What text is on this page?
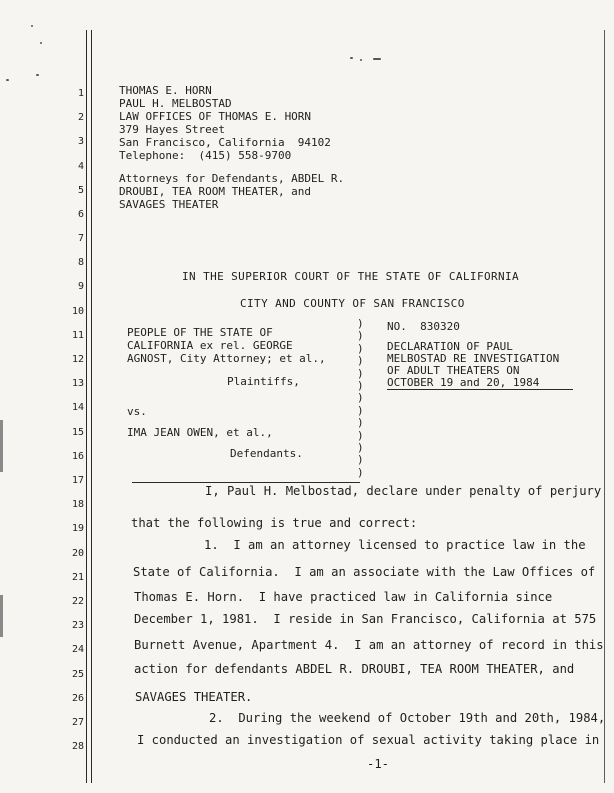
1
2
3
4
5
6
7
8
9
10
11
12
13
14
15
16
17
18
19
20
21
22
23
24
25
26
27
28
THOMAS E. HORN
PAUL H. MELBOSTAD
LAW OFFICES OF THOMAS E. HORN
379 Hayes Street
San Francisco, California  94102
Telephone:  (415) 558-9700
Attorneys for Defendants, ABDEL R.
DROUBI, TEA ROOM THEATER, and
SAVAGES THEATER
IN THE SUPERIOR COURT OF THE STATE OF CALIFORNIA
CITY AND COUNTY OF SAN FRANCISCO
PEOPLE OF THE STATE OF
CALIFORNIA ex rel. GEORGE
AGNOST, City Attorney; et al.,
Plaintiffs,
vs.
IMA JEAN OWEN, et al.,
Defendants.
)
)
)
)
)
)
)
)
)
)
)
)
)
NO.  830320
DECLARATION OF PAUL
MELBOSTAD RE INVESTIGATION
OF ADULT THEATERS ON
OCTOBER 19 and 20, 1984
I, Paul H. Melbostad, declare under penalty of perjury
that the following is true and correct:
1.  I am an attorney licensed to practice law in the
State of California.  I am an associate with the Law Offices of
Thomas E. Horn.  I have practiced law in California since
December 1, 1981.  I reside in San Francisco, California at 575
Burnett Avenue, Apartment 4.  I am an attorney of record in this
action for defendants ABDEL R. DROUBI, TEA ROOM THEATER, and
SAVAGES THEATER.
2.  During the weekend of October 19th and 20th, 1984,
I conducted an investigation of sexual activity taking place in
-1-
